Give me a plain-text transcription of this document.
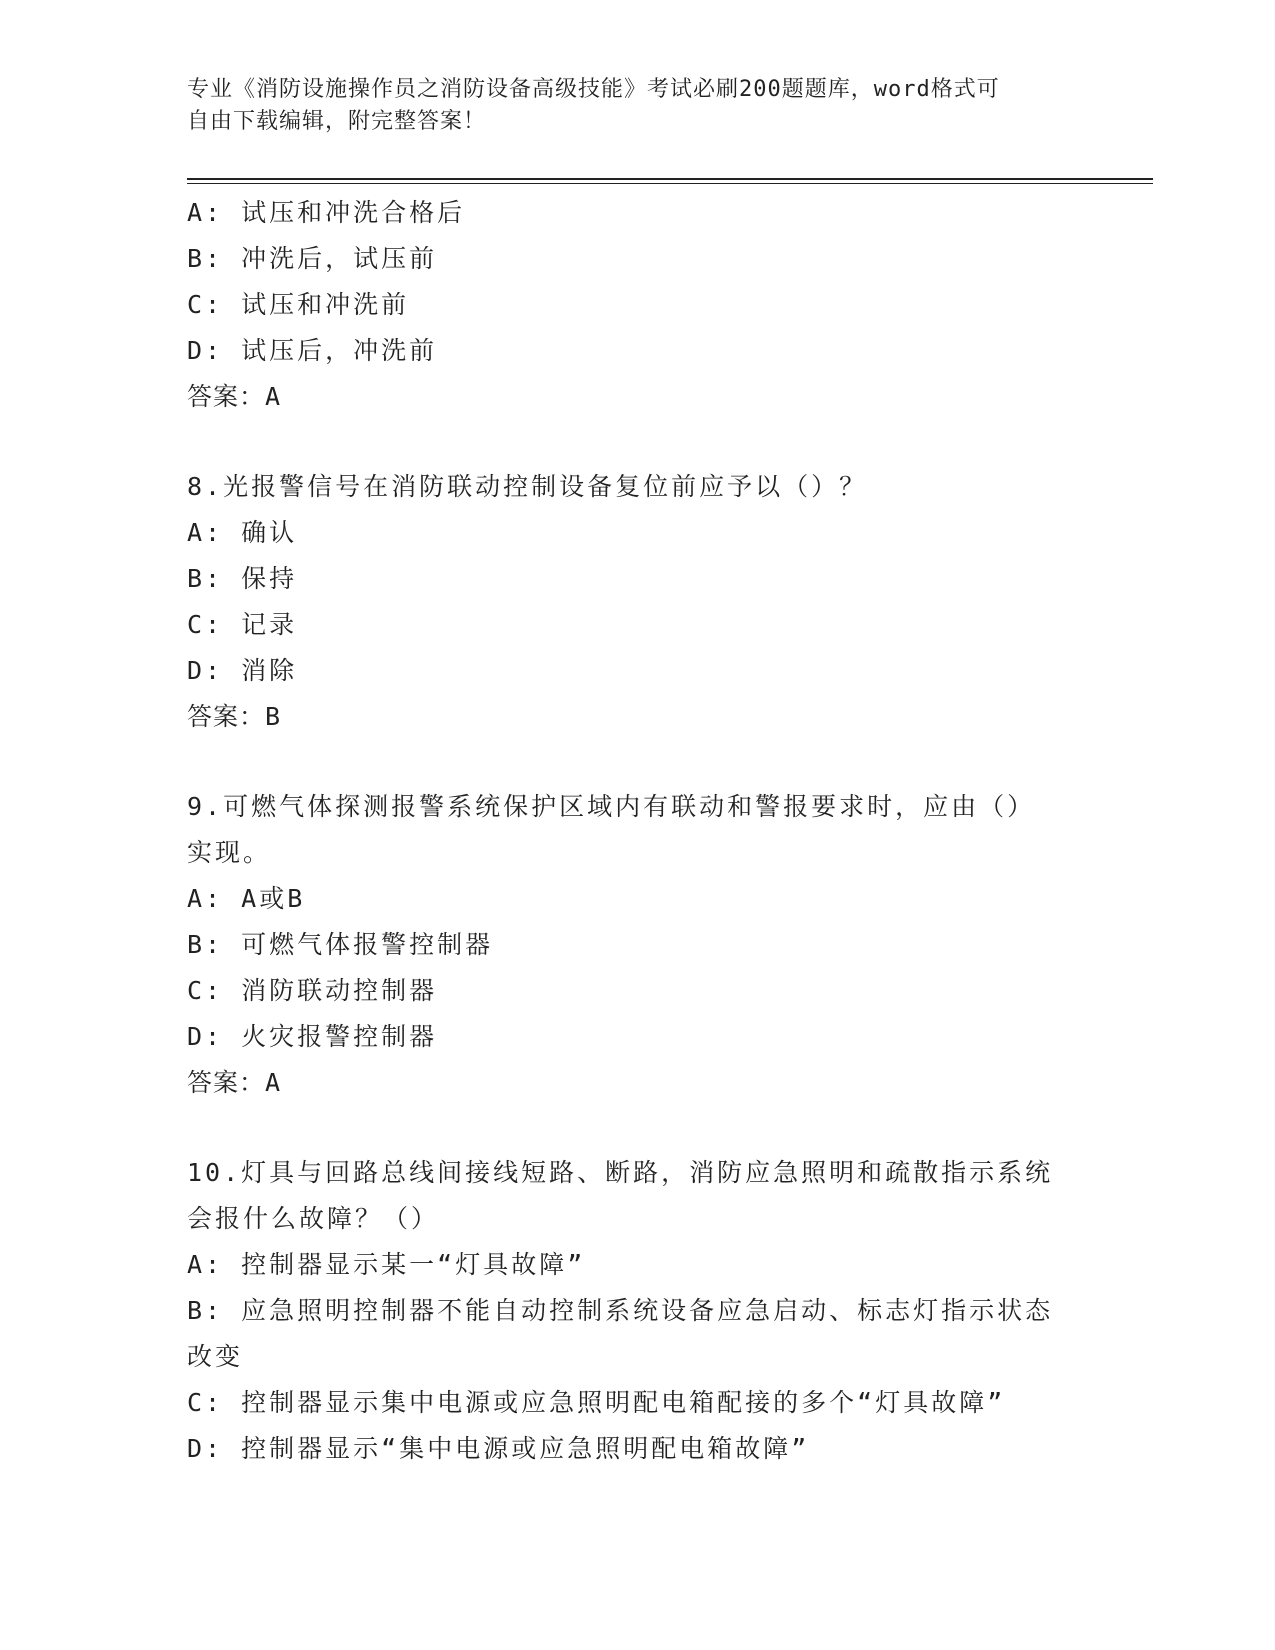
专业《消防设施操作员之消防设备高级技能》考试必刷200题题库，word格式可
自由下载编辑，附完整答案！
A: 试压和冲洗合格后
B: 冲洗后，试压前
C: 试压和冲洗前
D: 试压后，冲洗前
答案：A
8.光报警信号在消防联动控制设备复位前应予以（）？
A: 确认
B: 保持
C: 记录
D: 消除
答案：B
9.可燃气体探测报警系统保护区域内有联动和警报要求时，应由（）
实现。
A: A或B
B: 可燃气体报警控制器
C: 消防联动控制器
D: 火灾报警控制器
答案：A
10.灯具与回路总线间接线短路、断路，消防应急照明和疏散指示系统
会报什么故障？（）
A: 控制器显示某一“灯具故障”
B: 应急照明控制器不能自动控制系统设备应急启动、标志灯指示状态
改变
C: 控制器显示集中电源或应急照明配电箱配接的多个“灯具故障”
D: 控制器显示“集中电源或应急照明配电箱故障”
